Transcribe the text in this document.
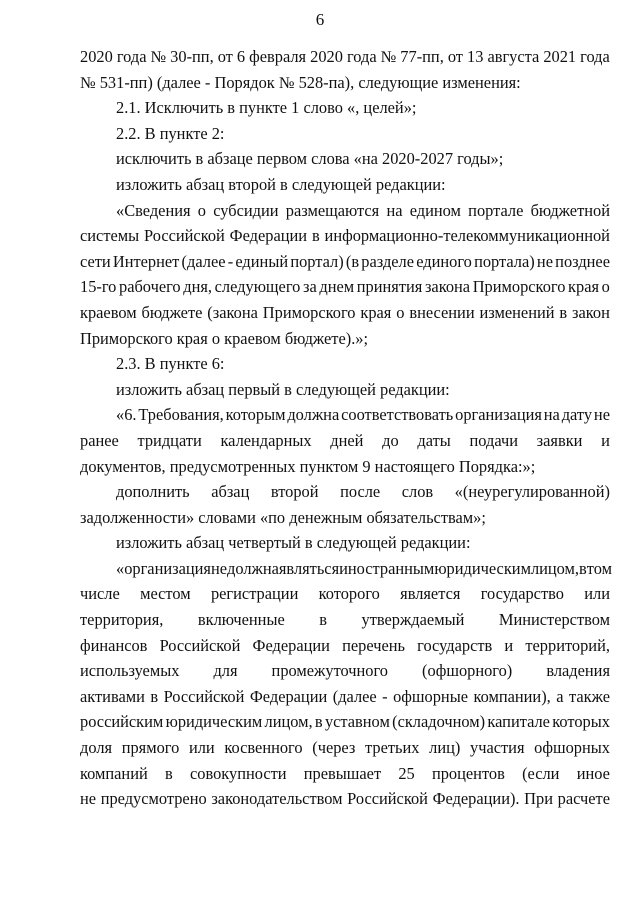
6
2020 года № 30-пп, от 6 февраля 2020 года № 77-пп, от 13 августа 2021 года
№ 531-пп) (далее - Порядок № 528-па), следующие изменения:
2.1. Исключить в пункте 1 слово «, целей»;
2.2. В пункте 2:
исключить в абзаце первом слова «на 2020-2027 годы»;
изложить абзац второй в следующей редакции:
«Сведения о субсидии размещаются на едином портале бюджетной
системы Российской Федерации в информационно-телекоммуникационной
сети Интернет (далее - единый портал) (в разделе единого портала) не позднее
15-го рабочего дня, следующего за днем принятия закона Приморского края о
краевом бюджете (закона Приморского края о внесении изменений в закон
Приморского края о краевом бюджете).»;
2.3. В пункте 6:
изложить абзац первый в следующей редакции:
«6. Требования, которым должна соответствовать организация на дату не
ранее тридцати календарных дней до даты подачи заявки и
документов, предусмотренных пунктом 9 настоящего Порядка:»;
дополнить абзац второй после слов «(неурегулированной)
задолженности» словами «по денежным обязательствам»;
изложить абзац четвертый в следующей редакции:
«организация не должна являться иностранным юридическим лицом, в том
числе местом регистрации которого является государство или
территория, включенные в утверждаемый Министерством
финансов Российской Федерации перечень государств и территорий,
используемых для промежуточного (офшорного) владения
активами в Российской Федерации (далее - офшорные компании), а также
российским юридическим лицом, в уставном (складочном) капитале которых
доля прямого или косвенного (через третьих лиц) участия офшорных
компаний в совокупности превышает 25 процентов (если иное
не предусмотрено законодательством Российской Федерации). При расчете
